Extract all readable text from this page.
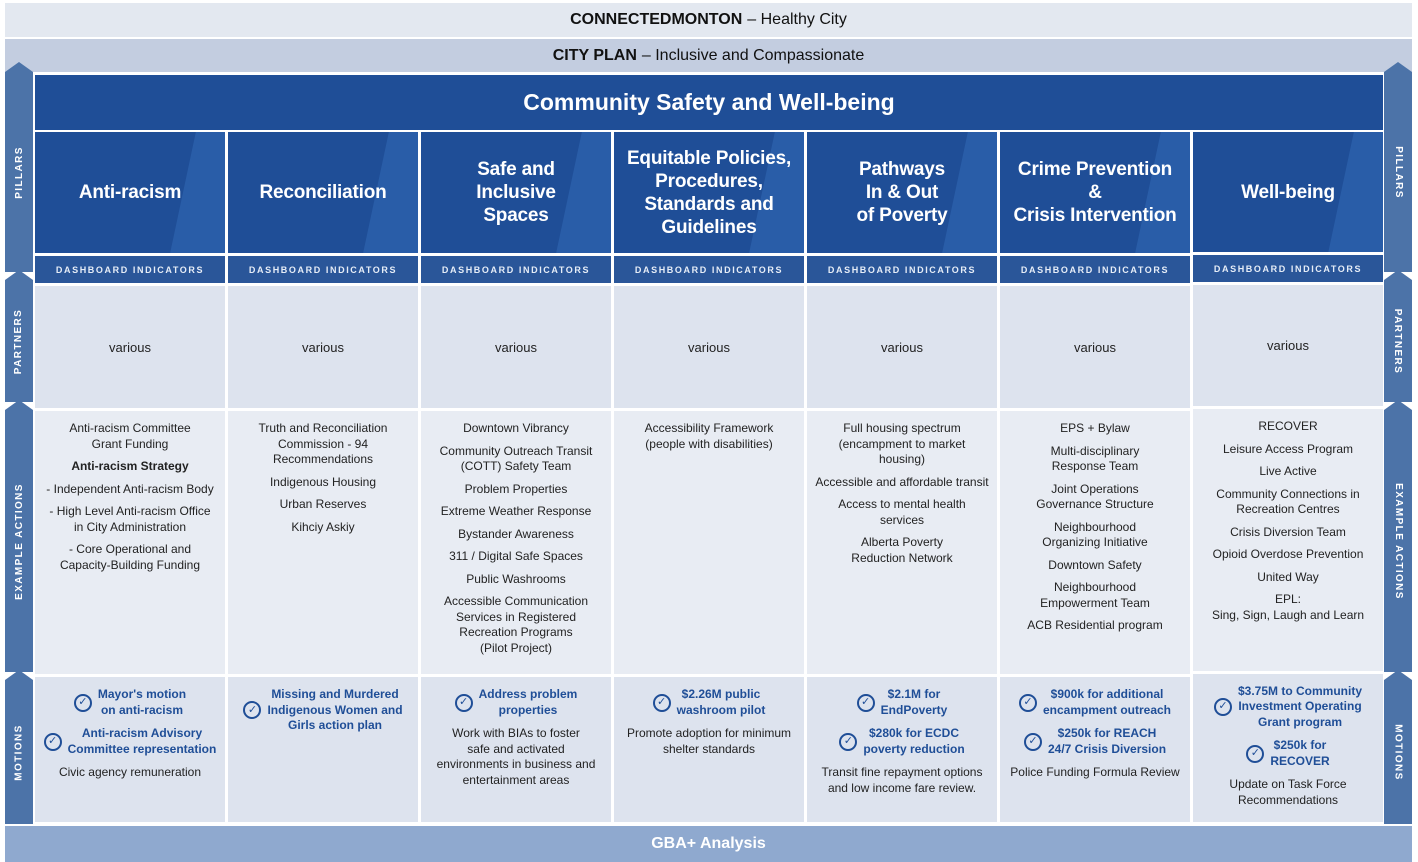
CONNECTEDMONTON – Healthy City
CITY PLAN – Inclusive and Compassionate
PILLARS
PARTNERS
EXAMPLE ACTIONS
MOTIONS
PILLARS
PARTNERS
EXAMPLE ACTIONS
MOTIONS
Community Safety and Well-being
Anti-racism
DASHBOARD INDICATORS
various
Anti-racism Committee
Grant Funding
Anti-racism Strategy
- Independent Anti-racism Body
- High Level Anti-racism Office
in City Administration
- Core Operational and
Capacity-Building Funding
✓
Mayor's motion
on anti-racism
✓
Anti-racism Advisory
Committee representation
Civic agency remuneration
Reconciliation
DASHBOARD INDICATORS
various
Truth and Reconciliation
Commission - 94
Recommendations
Indigenous Housing
Urban Reserves
Kihciy Askiy
✓
Missing and Murdered
Indigenous Women and
Girls action plan
Safe and
Inclusive
Spaces
DASHBOARD INDICATORS
various
Downtown Vibrancy
Community Outreach Transit
(COTT) Safety Team
Problem Properties
Extreme Weather Response
Bystander Awareness
311 / Digital Safe Spaces
Public Washrooms
Accessible Communication
Services in Registered
Recreation Programs
(Pilot Project)
✓
Address problem
properties
Work with BIAs to foster
safe and activated
environments in business and
entertainment areas
Equitable Policies,
Procedures,
Standards and
Guidelines
DASHBOARD INDICATORS
various
Accessibility Framework
(people with disabilities)
✓
$2.26M public
washroom pilot
Promote adoption for minimum
shelter standards
Pathways
In & Out
of Poverty
DASHBOARD INDICATORS
various
Full housing spectrum
(encampment to market
housing)
Accessible and affordable transit
Access to mental health services
Alberta Poverty
Reduction Network
✓
$2.1M for
EndPoverty
✓
$280k for ECDC
poverty reduction
Transit fine repayment options
and low income fare review.
Crime Prevention
&
Crisis Intervention
DASHBOARD INDICATORS
various
EPS + Bylaw
Multi-disciplinary
Response Team
Joint Operations
Governance Structure
Neighbourhood
Organizing Initiative
Downtown Safety
Neighbourhood
Empowerment Team
ACB Residential program
✓
$900k for additional
encampment outreach
✓
$250k for REACH
24/7 Crisis Diversion
Police Funding Formula Review
Well-being
DASHBOARD INDICATORS
various
RECOVER
Leisure Access Program
Live Active
Community Connections in
Recreation Centres
Crisis Diversion Team
Opioid Overdose Prevention
United Way
EPL:
Sing, Sign, Laugh and Learn
✓
$3.75M to Community
Investment Operating
Grant program
✓
$250k for
RECOVER
Update on Task Force
Recommendations
GBA+ Analysis
